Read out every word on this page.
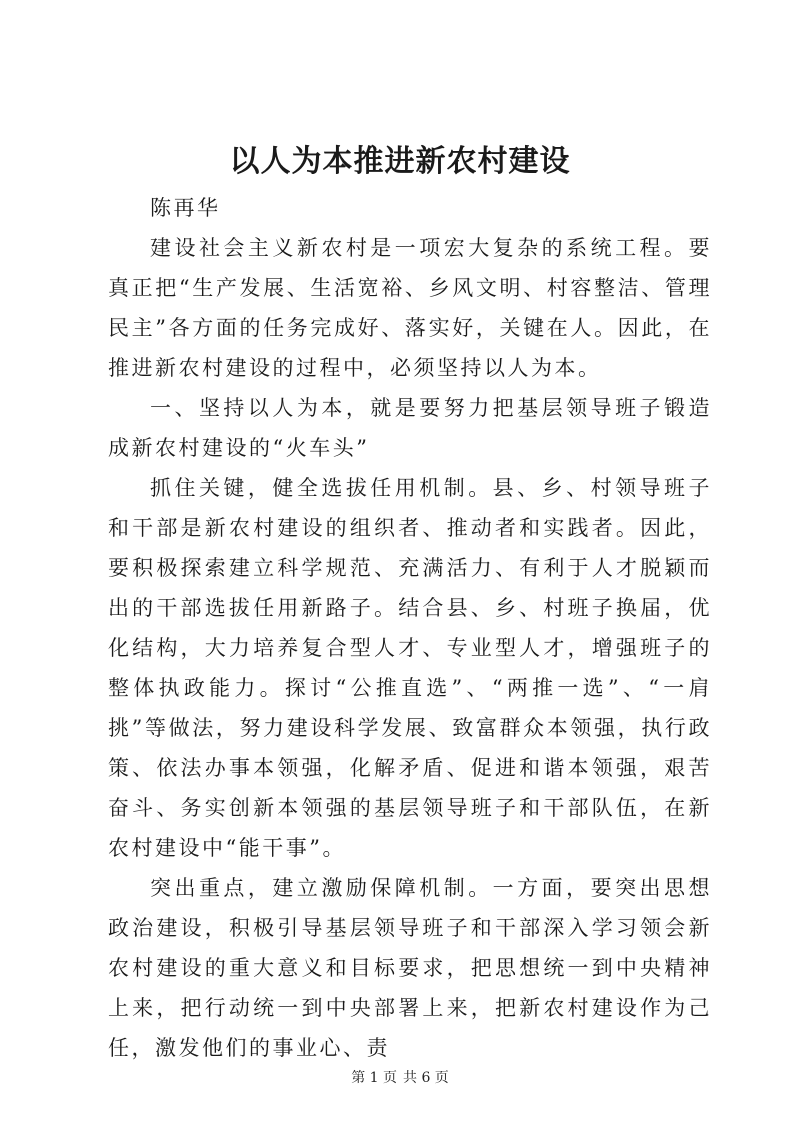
以人为本推进新农村建设

陈再华

建设社会主义新农村是一项宏大复杂的系统工程。要真正把“生产发展、生活宽裕、乡风文明、村容整洁、管理民主”各方面的任务完成好、落实好，关键在人。因此，在推进新农村建设的过程中，必须坚持以人为本。

一、坚持以人为本，就是要努力把基层领导班子锻造成新农村建设的“火车头”

抓住关键，健全选拔任用机制。县、乡、村领导班子和干部是新农村建设的组织者、推动者和实践者。因此，要积极探索建立科学规范、充满活力、有利于人才脱颖而出的干部选拔任用新路子。结合县、乡、村班子换届，优化结构，大力培养复合型人才、专业型人才，增强班子的整体执政能力。探讨“公推直选”、“两推一选”、“一肩挑”等做法，努力建设科学发展、致富群众本领强，执行政策、依法办事本领强，化解矛盾、促进和谐本领强，艰苦奋斗、务实创新本领强的基层领导班子和干部队伍，在新农村建设中“能干事”。

突出重点，建立激励保障机制。一方面，要突出思想政治建设，积极引导基层领导班子和干部深入学习领会新农村建设的重大意义和目标要求，把思想统一到中央精神上来，把行动统一到中央部署上来，把新农村建设作为己任，激发他们的事业心、责

第 1 页 共 6 页
